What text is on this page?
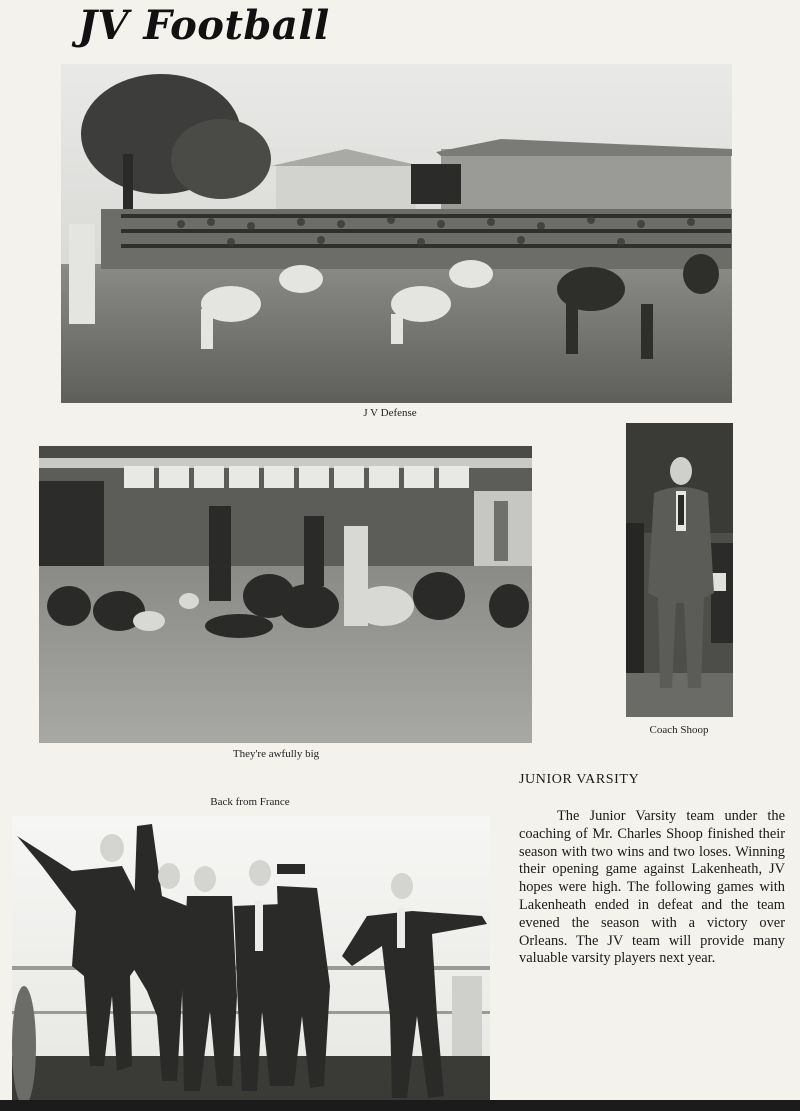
JV Football
J V Defense
They're awfully big
Coach Shoop
Back from France
JUNIOR VARSITY

The Junior Varsity team under the coaching of Mr. Charles Shoop finished their season with two wins and two loses. Winning their opening game against Lakenheath, JV hopes were high. The following games with Lakenheath ended in defeat and the team evened the season with a victory over Orleans. The JV team will provide many valuable varsity players next year.
